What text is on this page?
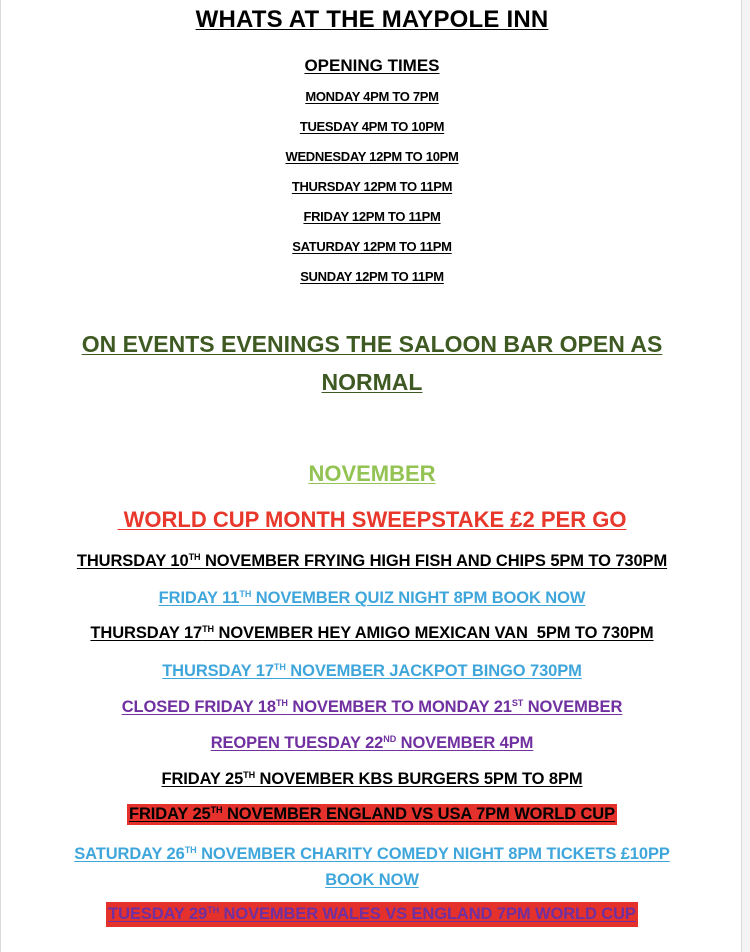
WHATS AT THE MAYPOLE INN
OPENING TIMES
MONDAY 4PM TO 7PM
TUESDAY 4PM TO 10PM
WEDNESDAY 12PM TO 10PM
THURSDAY 12PM TO 11PM
FRIDAY 12PM TO 11PM
SATURDAY 12PM TO 11PM
SUNDAY 12PM TO 11PM
ON EVENTS EVENINGS THE SALOON BAR OPEN AS
NORMAL
NOVEMBER
WORLD CUP MONTH SWEEPSTAKE £2 PER GO
THURSDAY 10TH NOVEMBER FRYING HIGH FISH AND CHIPS 5PM TO 730PM
FRIDAY 11TH NOVEMBER QUIZ NIGHT 8PM BOOK NOW
THURSDAY 17TH NOVEMBER HEY AMIGO MEXICAN VAN  5PM TO 730PM
THURSDAY 17TH NOVEMBER JACKPOT BINGO 730PM
CLOSED FRIDAY 18TH NOVEMBER TO MONDAY 21ST NOVEMBER
REOPEN TUESDAY 22ND NOVEMBER 4PM
FRIDAY 25TH NOVEMBER KBS BURGERS 5PM TO 8PM
FRIDAY 25TH NOVEMBER ENGLAND VS USA 7PM WORLD CUP
SATURDAY 26TH NOVEMBER CHARITY COMEDY NIGHT 8PM TICKETS £10PP
BOOK NOW
TUESDAY 29TH NOVEMBER WALES VS ENGLAND 7PM WORLD CUP
